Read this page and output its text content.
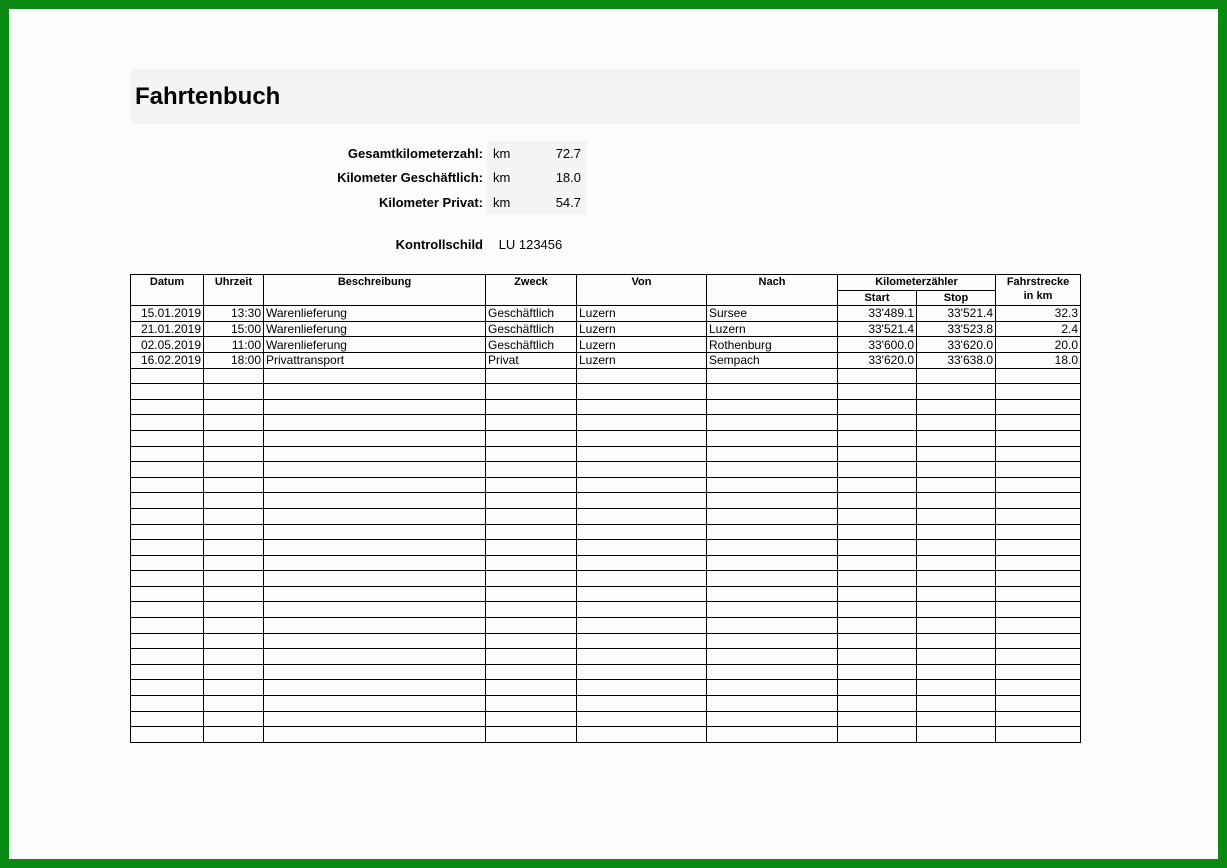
Fahrtenbuch
Gesamtkilometerzahl:	km	72.7
Kilometer Geschäftlich:	km	18.0
Kilometer Privat:	km	54.7
Kontrollschild LU 123456
Datum	Uhrzeit	Beschreibung	Zweck	Von	Nach	Kilometerzähler		Fahrstrecke
in km
						Start	Stop	
15.01.2019	13:30	Warenlieferung	Geschäftlich	Luzern	Sursee	33'489.1	33'521.4	32.3
21.01.2019	15:00	Warenlieferung	Geschäftlich	Luzern	Luzern	33'521.4	33'523.8	2.4
02.05.2019	11:00	Warenlieferung	Geschäftlich	Luzern	Rothenburg	33'600.0	33'620.0	20.0
16.02.2019	18:00	Privattransport	Privat	Luzern	Sempach	33'620.0	33'638.0	18.0
